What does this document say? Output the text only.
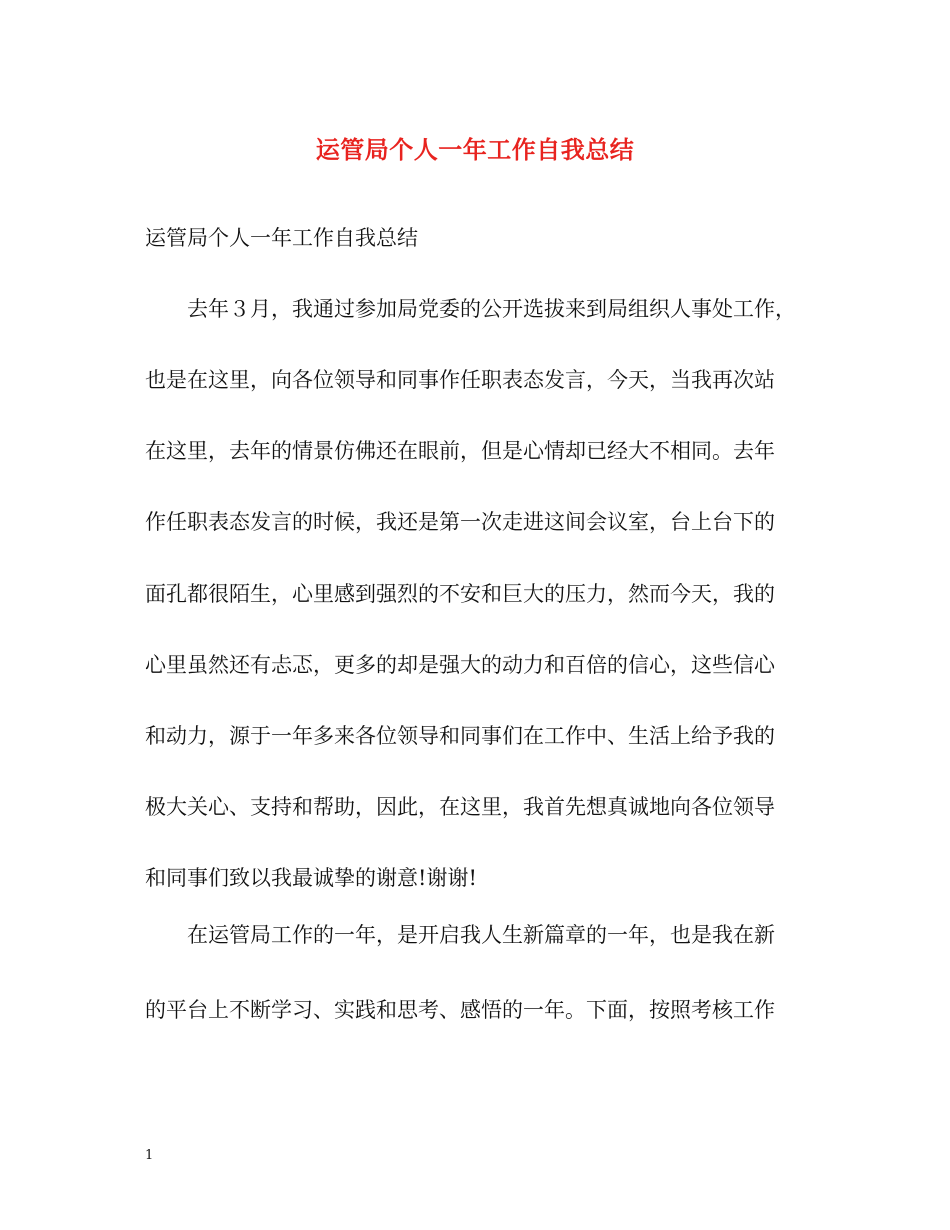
运管局个人一年工作自我总结
运管局个人一年工作自我总结
去年３月，我通过参加局党委的公开选拔来到局组织人事处工作，
也是在这里，向各位领导和同事作任职表态发言，今天，当我再次站
在这里，去年的情景仿佛还在眼前，但是心情却已经大不相同。去年
作任职表态发言的时候，我还是第一次走进这间会议室，台上台下的
面孔都很陌生，心里感到强烈的不安和巨大的压力，然而今天，我的
心里虽然还有忐忑，更多的却是强大的动力和百倍的信心，这些信心
和动力，源于一年多来各位领导和同事们在工作中、生活上给予我的
极大关心、支持和帮助，因此，在这里，我首先想真诚地向各位领导
和同事们致以我最诚挚的谢意!谢谢!
在运管局工作的一年，是开启我人生新篇章的一年，也是我在新
的平台上不断学习、实践和思考、感悟的一年。下面，按照考核工作
1
